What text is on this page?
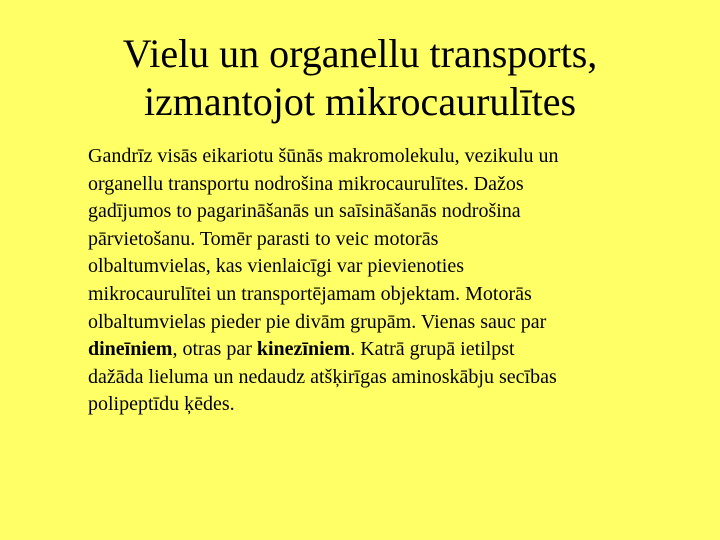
Vielu un organellu transports,
izmantojot mikrocaurulītes
Gandrīz visās eikariotu šūnās makromolekulu, vezikulu un
organellu transportu nodrošina mikrocaurulītes. Dažos
gadījumos to pagarināšanās un saīsināšanās nodrošina
pārvietošanu. Tomēr parasti to veic motorās
olbaltumvielas, kas vienlaicīgi var pievienoties
mikrocaurulītei un transportējamam objektam. Motorās
olbaltumvielas pieder pie divām grupām. Vienas sauc par
dineīniem, otras par kinezīniem. Katrā grupā ietilpst
dažāda lieluma un nedaudz atšķirīgas aminoskābju secības
polipeptīdu ķēdes.
